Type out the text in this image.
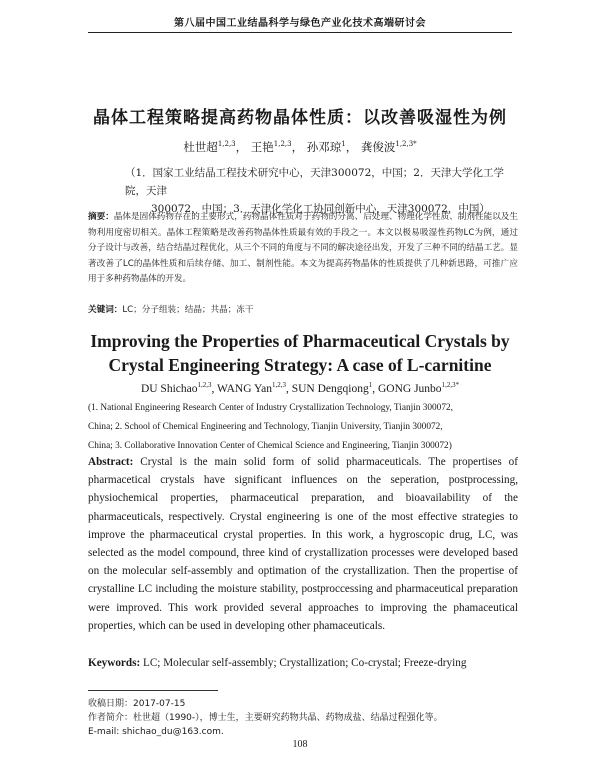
第八届中国工业结晶科学与绿色产业化技术高端研讨会
晶体工程策略提高药物晶体性质：以改善吸湿性为例
杜世超$^{1,2,3}$， 王艳$^{1,2,3}$， 孙邓琼$^1$， 龚俊波$^{1,2,3*}$
（1．国家工业结晶工程技术研究中心，天津300072，中国；2．天津大学化工学院，天津
300072，中国；3．天津化学化工协同创新中心，天津300072，中国）
摘要：晶体是固体药物存在的主要形式，药物晶体性质对于药物的分离、后处理、物理化学性质、制剂性能以及生物利用度密切相关。晶体工程策略是改善药物晶体性质最有效的手段之一。本文以极易吸湿性药物LC为例，通过分子设计与改善，结合结晶过程优化，从三个不同的角度与不同的解决途径出发，开发了三种不同的结晶工艺。显著改善了LC的晶体性质和后续存储、加工、制剂性能。本文为提高药物晶体的性质提供了几种新思路，可推广应用于多种药物晶体的开发。
关键词：LC；分子组装；结晶；共晶；冻干
Improving the Properties of Pharmaceutical Crystals by
Crystal Engineering Strategy: A case of L-carnitine
DU Shichao$^{1,2,3}$, WANG Yan$^{1,2,3}$, SUN Dengqiong$^1$, GONG Junbo$^{1,2,3*}$
(1. National Engineering Research Center of Industry Crystallization Technology, Tianjin 300072,
China; 2. School of Chemical Engineering and Technology, Tianjin University, Tianjin 300072,
China; 3. Collaborative Innovation Center of Chemical Science and Engineering, Tianjin 300072)
Abstract: Crystal is the main solid form of solid pharmaceuticals. The propertises of pharmacetical crystals have significant influences on the seperation, postprocessing, physiochemical properties, pharmaceutical preparation, and bioavailability of the pharmaceuticals, respectively. Crystal engineering is one of the most effective strategies to improve the pharmaceutical crystal properties. In this work, a hygroscopic drug, LC, was selected as the model compound, three kind of crystallization processes were developed based on the molecular self-assembly and optimation of the crystallization. Then the propertise of crystalline LC including the moisture stability, postproccessing and pharmaceutical preparation were improved. This work provided several approaches to improving the phamaceutical properties, which can be used in developing other phamaceuticals.
Keywords: LC; Molecular self-assembly; Crystallization; Co-crystal; Freeze-drying
收稿日期：2017-07-15
作者简介：杜世超（1990-），博士生，主要研究药物共晶、药物成盐、结晶过程强化等。
E-mail: shichao_du@163.com.
108
